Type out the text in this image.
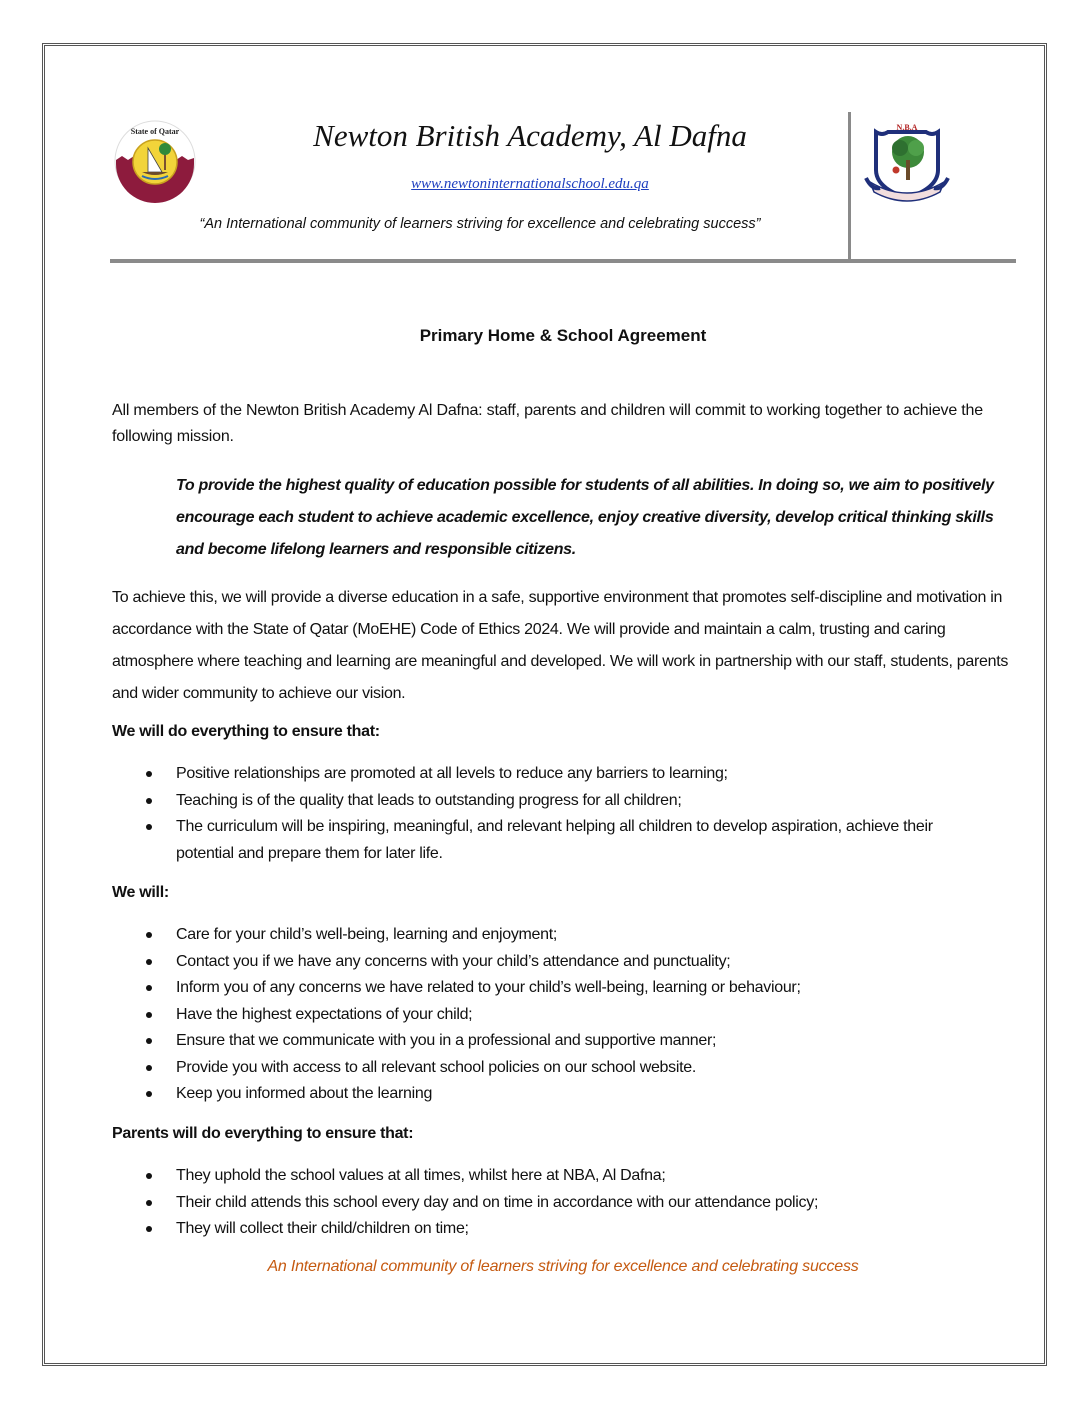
State of Qatar	Newton British Academy, Al Dafna
www.newtoninternationalschool.edu.qa
“An International community of learners striving for excellence and celebrating success”
N.B.A
Primary Home & School Agreement
All members of the Newton British Academy Al Dafna: staff, parents and children will commit to working together to achieve the following mission.
To provide the highest quality of education possible for students of all abilities. In doing so, we aim to positively encourage each student to achieve academic excellence, enjoy creative diversity, develop critical thinking skills and become lifelong learners and responsible citizens.
To achieve this, we will provide a diverse education in a safe, supportive environment that promotes self-discipline and motivation in accordance with the State of Qatar (MoEHE) Code of Ethics 2024. We will provide and maintain a calm, trusting and caring atmosphere where teaching and learning are meaningful and developed. We will work in partnership with our staff, students, parents and wider community to achieve our vision.
We will do everything to ensure that:
Positive relationships are promoted at all levels to reduce any barriers to learning;
Teaching is of the quality that leads to outstanding progress for all children;
The curriculum will be inspiring, meaningful, and relevant helping all children to develop aspiration, achieve their potential and prepare them for later life.
We will:
Care for your child’s well-being, learning and enjoyment;
Contact you if we have any concerns with your child’s attendance and punctuality;
Inform you of any concerns we have related to your child’s well-being, learning or behaviour;
Have the highest expectations of your child;
Ensure that we communicate with you in a professional and supportive manner;
Provide you with access to all relevant school policies on our school website.
Keep you informed about the learning
Parents will do everything to ensure that:
They uphold the school values at all times, whilst here at NBA, Al Dafna;
Their child attends this school every day and on time in accordance with our attendance policy;
They will collect their child/children on time;
An International community of learners striving for excellence and celebrating success
